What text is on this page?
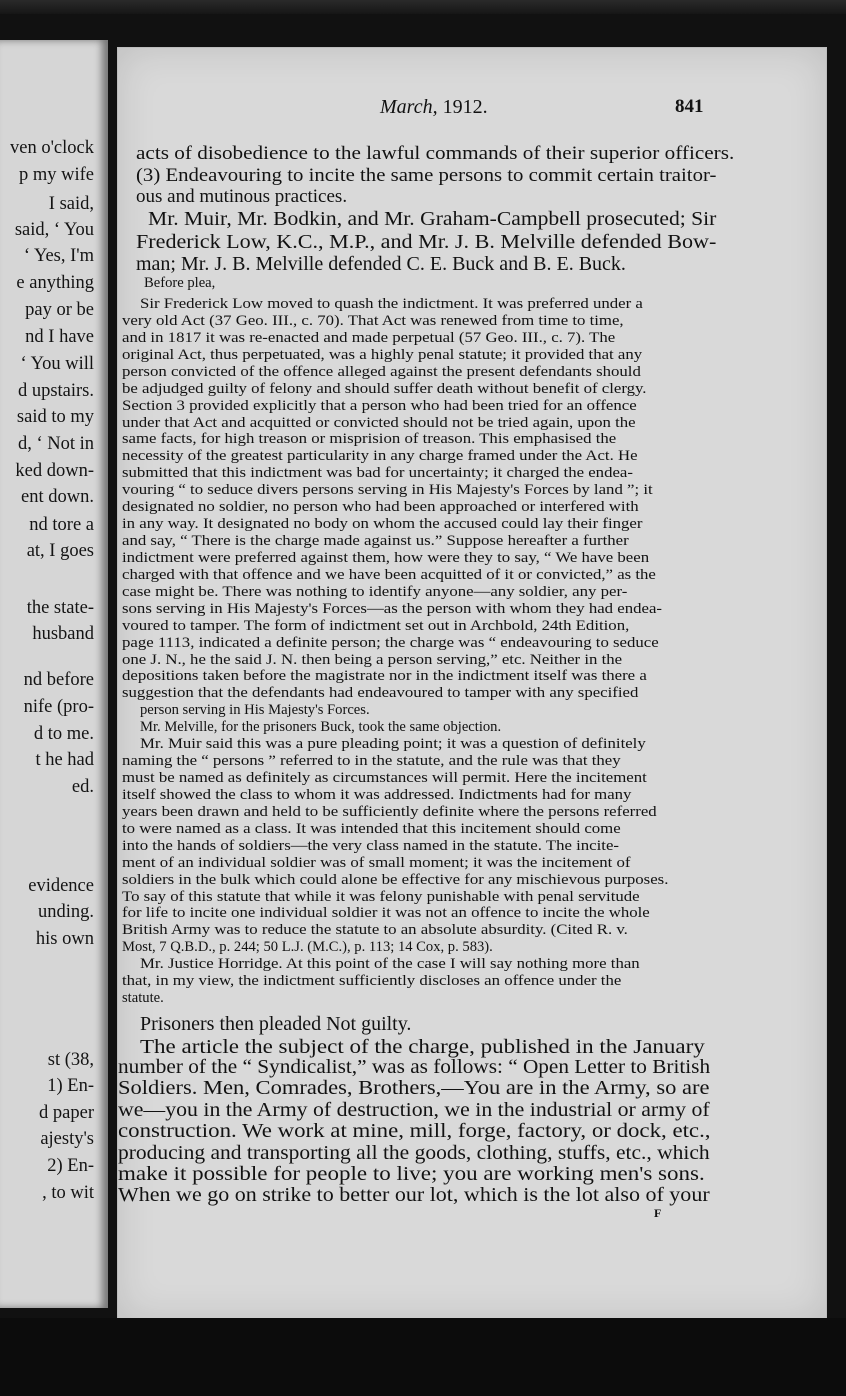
ven o'clock
p my wife
I said,
said, ‘ You
‘ Yes, I'm
e anything
pay or be
nd I have
‘ You will
d upstairs.
said to my
d, ‘ Not in
ked down-
ent down.
nd tore a
at, I goes
the state-
husband
nd before
nife (pro-
d to me.
t he had
ed.
evidence
unding.
his own
st (38,
1) En-
d paper
ajesty's
2) En-
, to wit
March, 1912.	841
acts of disobedience to the lawful commands of their superior officers.
(3) Endeavouring to incite the same persons to commit certain traitor-
ous and mutinous practices.
Mr. Muir, Mr. Bodkin, and Mr. Graham-Campbell prosecuted; Sir
Frederick Low, K.C., M.P., and Mr. J. B. Melville defended Bow-
man; Mr. J. B. Melville defended C. E. Buck and B. E. Buck.
Before plea,
Sir Frederick Low moved to quash the indictment. It was preferred under a
very old Act (37 Geo. III., c. 70). That Act was renewed from time to time,
and in 1817 it was re-enacted and made perpetual (57 Geo. III., c. 7). The
original Act, thus perpetuated, was a highly penal statute; it provided that any
person convicted of the offence alleged against the present defendants should
be adjudged guilty of felony and should suffer death without benefit of clergy.
Section 3 provided explicitly that a person who had been tried for an offence
under that Act and acquitted or convicted should not be tried again, upon the
same facts, for high treason or misprision of treason. This emphasised the
necessity of the greatest particularity in any charge framed under the Act. He
submitted that this indictment was bad for uncertainty; it charged the endea-
vouring “ to seduce divers persons serving in His Majesty's Forces by land ”; it
designated no soldier, no person who had been approached or interfered with
in any way. It designated no body on whom the accused could lay their finger
and say, “ There is the charge made against us.” Suppose hereafter a further
indictment were preferred against them, how were they to say, “ We have been
charged with that offence and we have been acquitted of it or convicted,” as the
case might be. There was nothing to identify anyone—any soldier, any per-
sons serving in His Majesty's Forces—as the person with whom they had endea-
voured to tamper. The form of indictment set out in Archbold, 24th Edition,
page 1113, indicated a definite person; the charge was “ endeavouring to seduce
one J. N., he the said J. N. then being a person serving,” etc. Neither in the
depositions taken before the magistrate nor in the indictment itself was there a
suggestion that the defendants had endeavoured to tamper with any specified
person serving in His Majesty's Forces.
Mr. Melville, for the prisoners Buck, took the same objection.
Mr. Muir said this was a pure pleading point; it was a question of definitely
naming the “ persons ” referred to in the statute, and the rule was that they
must be named as definitely as circumstances will permit. Here the incitement
itself showed the class to whom it was addressed. Indictments had for many
years been drawn and held to be sufficiently definite where the persons referred
to were named as a class. It was intended that this incitement should come
into the hands of soldiers—the very class named in the statute. The incite-
ment of an individual soldier was of small moment; it was the incitement of
soldiers in the bulk which could alone be effective for any mischievous purposes.
To say of this statute that while it was felony punishable with penal servitude
for life to incite one individual soldier it was not an offence to incite the whole
British Army was to reduce the statute to an absolute absurdity. (Cited R. v.
Most, 7 Q.B.D., p. 244; 50 L.J. (M.C.), p. 113; 14 Cox, p. 583).
Mr. Justice Horridge. At this point of the case I will say nothing more than
that, in my view, the indictment sufficiently discloses an offence under the
statute.
Prisoners then pleaded Not guilty.
The article the subject of the charge, published in the January
number of the “ Syndicalist,” was as follows: “ Open Letter to British
Soldiers. Men, Comrades, Brothers,—You are in the Army, so are
we—you in the Army of destruction, we in the industrial or army of
construction. We work at mine, mill, forge, factory, or dock, etc.,
producing and transporting all the goods, clothing, stuffs, etc., which
make it possible for people to live; you are working men's sons.
When we go on strike to better our lot, which is the lot also of your
F
